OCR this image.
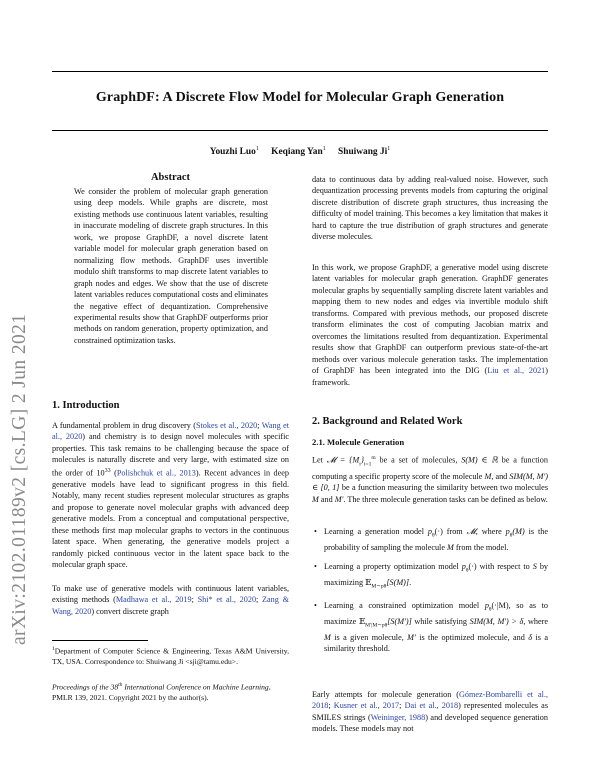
GraphDF: A Discrete Flow Model for Molecular Graph Generation
Youzhi Luo$^1$ Keqiang Yan$^1$ Shuiwang Ji$^1$
arXiv:2102.01189v2 [cs.LG] 2 Jun 2021
Abstract

We consider the problem of molecular graph generation using deep models. While graphs are discrete, most existing methods use continuous latent variables, resulting in inaccurate modeling of discrete graph structures. In this work, we propose GraphDF, a novel discrete latent variable model for molecular graph generation based on normalizing flow methods. GraphDF uses invertible modulo shift transforms to map discrete latent variables to graph nodes and edges. We show that the use of discrete latent variables reduces computational costs and eliminates the negative effect of dequantization. Comprehensive experimental results show that GraphDF outperforms prior methods on random generation, property optimization, and constrained optimization tasks.

1. Introduction

A fundamental problem in drug discovery (Stokes et al., 2020; Wang et al., 2020) and chemistry is to design novel molecules with specific properties. This task remains to be challenging because the space of molecules is naturally discrete and very large, with estimated size on the order of $10^{33}$ (Polishchuk et al., 2013). Recent advances in deep generative models have lead to significant progress in this field. Notably, many recent studies represent molecular structures as graphs and propose to generate novel molecular graphs with advanced deep generative models. From a conceptual and computational perspective, these methods first map molecular graphs to vectors in the continuous latent space. When generating, the generative models project a randomly picked continuous vector in the latent space back to the molecular graph space.

To make use of generative models with continuous latent variables, existing methods (Madhawa et al., 2019; Shi* et al., 2020; Zang & Wang, 2020) convert discrete graph

$^1$Department of Computer Science & Engineering, Texas A&M University, TX, USA. Correspondence to: Shuiwang Ji <sji@tamu.edu>.
Proceedings of the 38th International Conference on Machine Learning, PMLR 139, 2021. Copyright 2021 by the author(s).

data to continuous data by adding real-valued noise. However, such dequantization processing prevents models from capturing the original discrete distribution of discrete graph structures, thus increasing the difficulty of model training. This becomes a key limitation that makes it hard to capture the true distribution of graph structures and generate diverse molecules.

In this work, we propose GraphDF, a generative model using discrete latent variables for molecular graph generation. GraphDF generates molecular graphs by sequentially sampling discrete latent variables and mapping them to new nodes and edges via invertible modulo shift transforms. Compared with previous methods, our proposed discrete transform eliminates the cost of computing Jacobian matrix and overcomes the limitations resulted from dequantization. Experimental results show that GraphDF can outperform previous state-of-the-art methods over various molecule generation tasks. The implementation of GraphDF has been integrated into the DIG (Liu et al., 2021) framework.

2. Background and Related Work
2.1. Molecule Generation

Let 𝓜 = $\{M_i\}_{i=1}^m$ be a set of molecules, S(M) ∈ ℝ be a function computing a specific property score of the molecule M, and SIM(M, M′) ∈ [0, 1] be a function measuring the similarity between two molecules M and M′. The three molecule generation tasks can be defined as below.

• Learning a generation model $p_\theta(\cdot)$ from 𝓜, where $p_\theta(M)$ is the probability of sampling the molecule M from the model.
• Learning a property optimization model $p_\theta(\cdot)$ with respect to S by maximizing 𝔼$_{M\sim p\theta}$[S(M)].
• Learning a constrained optimization model $p_\theta(\cdot|M)$, so as to maximize 𝔼$_{M'|M\sim p\theta}$[S(M′)] while satisfying SIM(M, M′) > δ, where M is a given molecule, M′ is the optimized molecule, and δ is a similarity threshold.

Early attempts for molecule generation (Gómez-Bombarelli et al., 2018; Kusner et al., 2017; Dai et al., 2018) represented molecules as SMILES strings (Weininger, 1988) and developed sequence generation models. These models may not
